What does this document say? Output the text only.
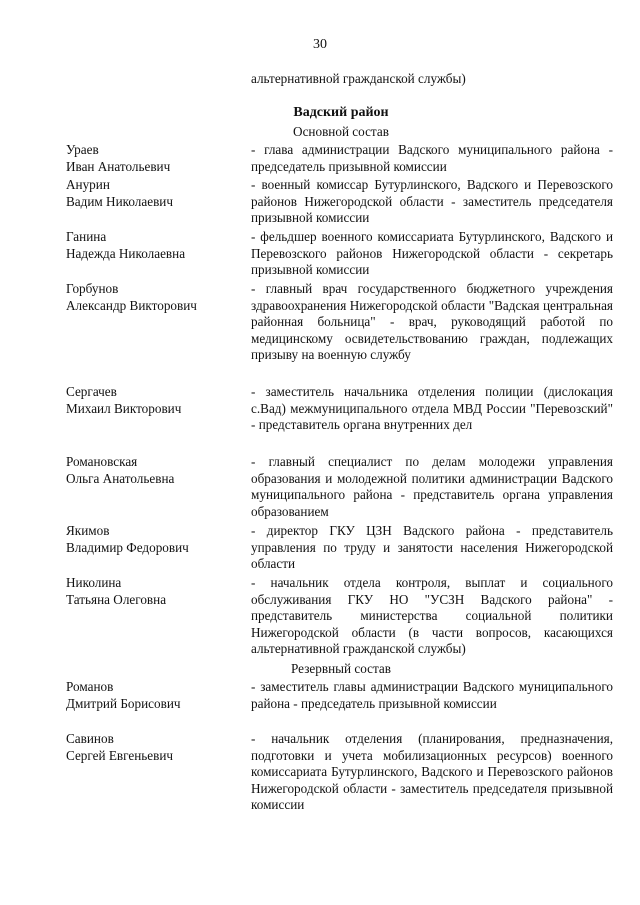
30
альтернативной гражданской службы)
Вадский район
Основной состав
Ураев
Иван Анатольевич
- глава администрации Вадского муниципального района - председатель призывной комиссии
Анурин
Вадим Николаевич
- военный комиссар Бутурлинского, Вадского и Перевозского районов Нижегородской области - заместитель председателя призывной комиссии
Ганина
Надежда Николаевна
- фельдшер военного комиссариата Бутурлинского, Вадского и Перевозского районов Нижегородской области - секретарь призывной комиссии
Горбунов
Александр Викторович
- главный врач государственного бюджетного учреждения здравоохранения Нижегородской области "Вадская центральная районная больница" - врач, руководящий работой по медицинскому освидетельствованию граждан, подлежащих призыву на военную службу
Сергачев
Михаил Викторович
- заместитель начальника отделения полиции (дислокация с.Вад) межмуниципального отдела МВД России "Перевозский" - представитель органа внутренних дел
Романовская
Ольга Анатольевна
- главный специалист по делам молодежи управления образования и молодежной политики администрации Вадского муниципального района - представитель органа управления образованием
Якимов
Владимир Федорович
- директор ГКУ ЦЗН Вадского района - представитель управления по труду и занятости населения Нижегородской области
Николина
Татьяна Олеговна
- начальник отдела контроля, выплат и социального обслуживания ГКУ НО "УСЗН Вадского района" - представитель министерства социальной политики Нижегородской области (в части вопросов, касающихся альтернативной гражданской службы)
Резервный состав
Романов
Дмитрий Борисович
- заместитель главы администрации Вадского муниципального района - председатель призывной комиссии
Савинов
Сергей Евгеньевич
- начальник отделения (планирования, предназначения, подготовки и учета мобилизационных ресурсов) военного комиссариата Бутурлинского, Вадского и Перевозского районов Нижегородской области - заместитель председателя призывной комиссии
